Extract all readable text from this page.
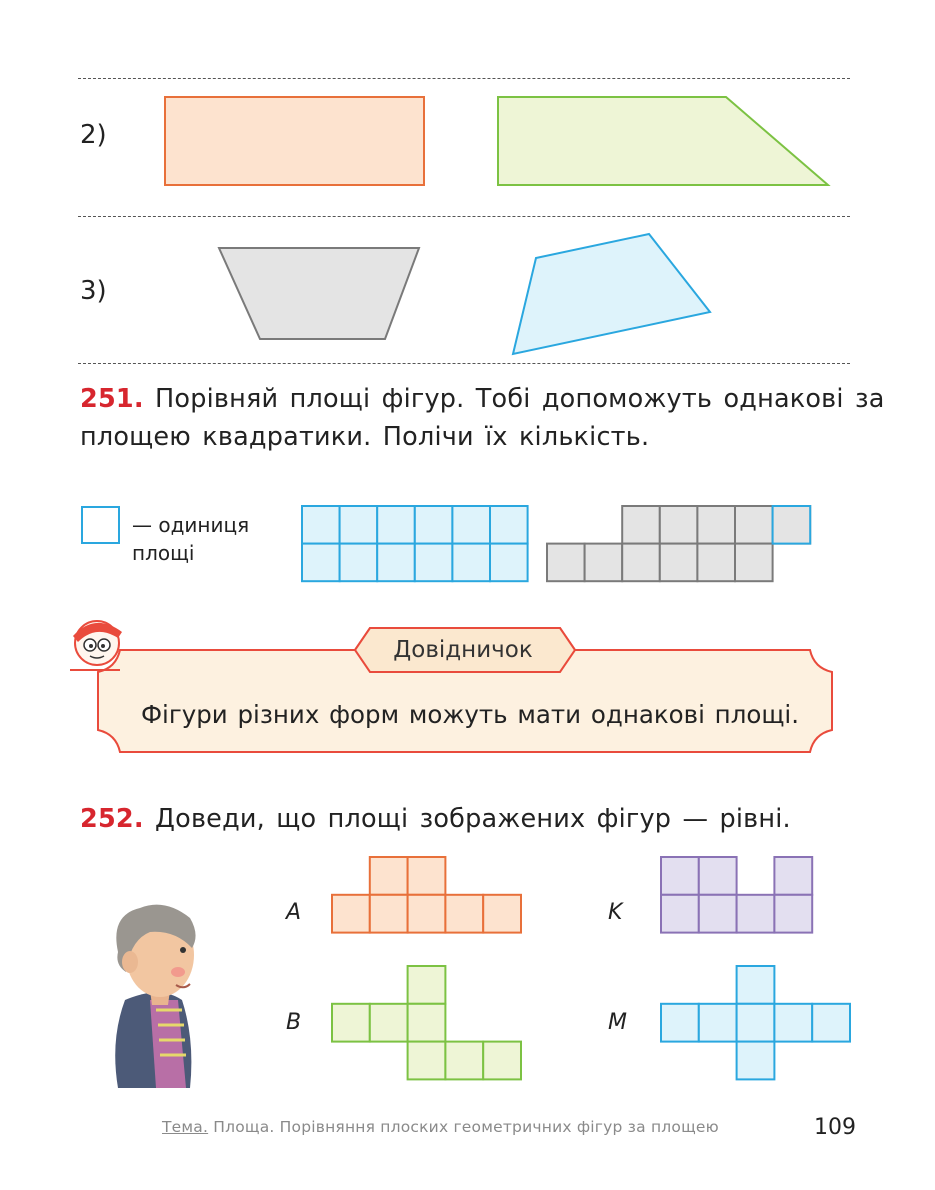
2)
3)
251. Порівняй площі фігур. Тобі допоможуть однакові за
площею квадратики. Полічи їх кількість.
— одиниця
площі
Довідничок
Фігури різних форм можуть мати однакові площі.
252. Доведи, що площі зображених фігур — рівні.
A	K
B	M
Тема. Площа. Порівняння плоских геометричних фігур за площею	109
